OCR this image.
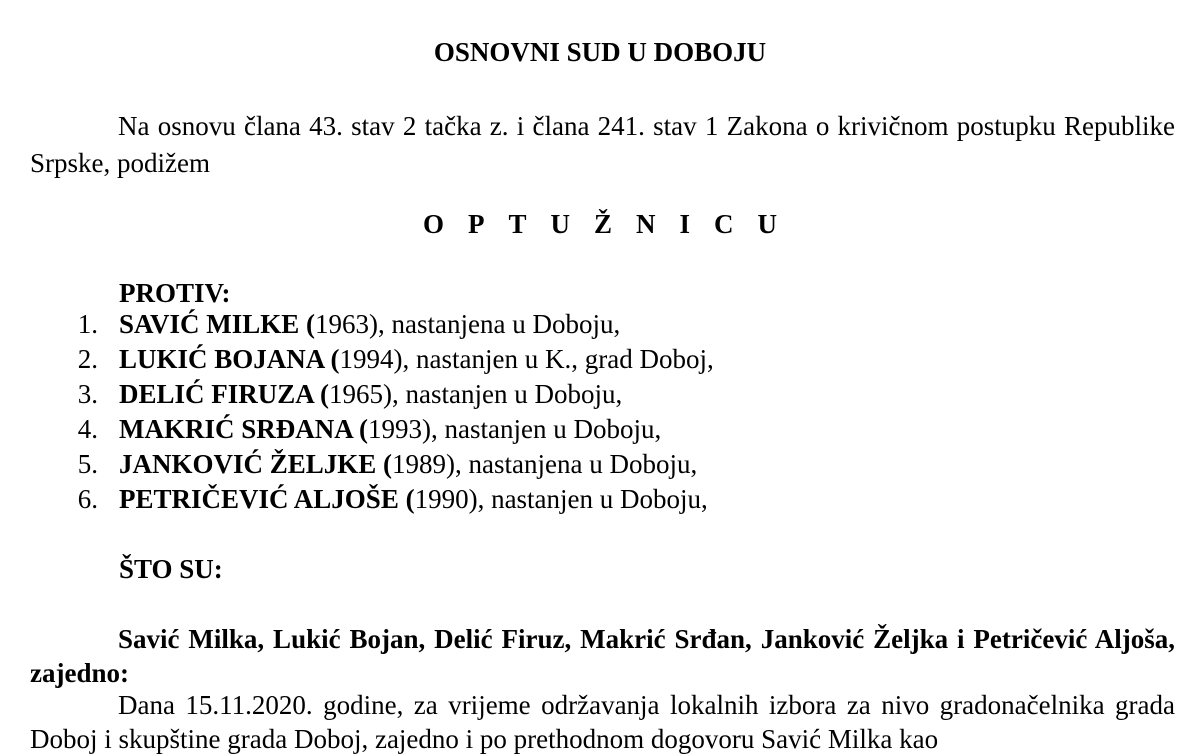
OSNOVNI SUD U DOBOJU
Na osnovu člana 43. stav 2 tačka z. i člana 241. stav 1 Zakona o krivičnom postupku Republike Srpske, podižem
OPTUŽNICU
PROTIV:
1. SAVIĆ MILKE (1963), nastanjena u Doboju,
2. LUKIĆ BOJANA (1994), nastanjen u K., grad Doboj,
3. DELIĆ FIRUZA (1965), nastanjen u Doboju,
4. MAKRIĆ SRĐANA (1993), nastanjen u Doboju,
5. JANKOVIĆ ŽELJKE (1989), nastanjena u Doboju,
6. PETRIČEVIĆ ALJOŠE (1990), nastanjen u Doboju,
ŠTO SU:
Savić Milka, Lukić Bojan, Delić Firuz, Makrić Srđan, Janković Željka i Petričević Aljoša, zajedno:
Dana 15.11.2020. godine, za vrijeme održavanja lokalnih izbora za nivo gradonačelnika grada Doboj i skupštine grada Doboj, zajedno i po prethodnom dogovoru Savić Milka kao
